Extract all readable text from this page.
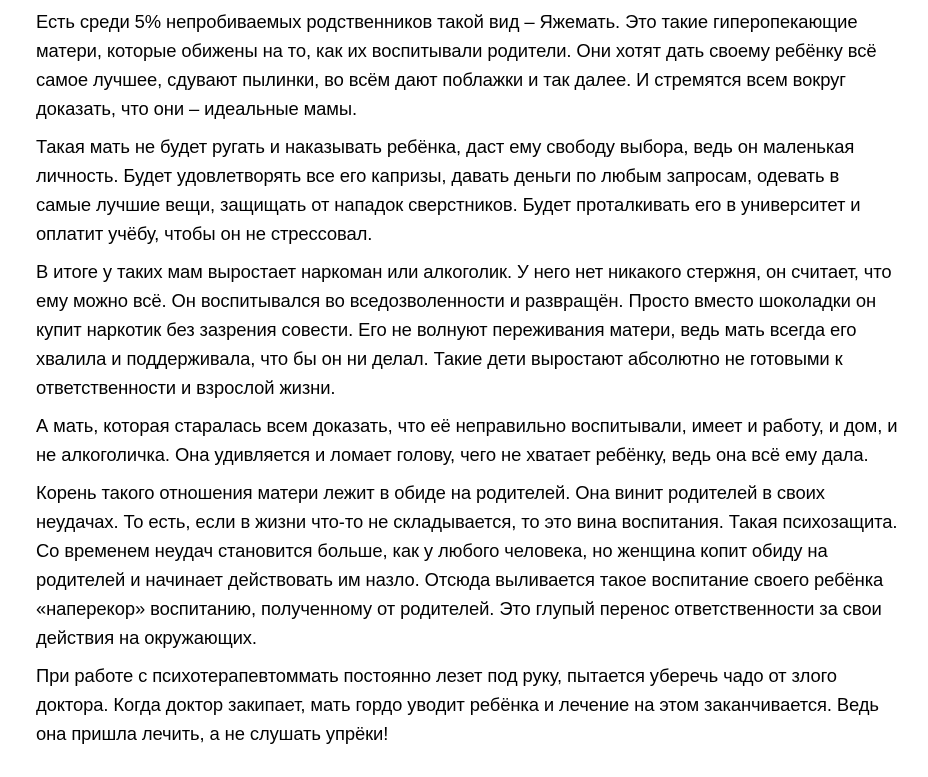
Есть среди 5% непробиваемых родственников такой вид – Яжемать. Это такие гиперопекающие матери, которые обижены на то, как их воспитывали родители. Они хотят дать своему ребёнку всё самое лучшее, сдувают пылинки, во всём дают поблажки и так далее. И стремятся всем вокруг доказать, что они – идеальные мамы.

Такая мать не будет ругать и наказывать ребёнка, даст ему свободу выбора, ведь он маленькая личность. Будет удовлетворять все его капризы, давать деньги по любым запросам, одевать в самые лучшие вещи, защищать от нападок сверстников. Будет проталкивать его в университет и оплатит учёбу, чтобы он не стрессовал.

В итоге у таких мам выростает наркоман или алкоголик. У него нет никакого стержня, он считает, что ему можно всё. Он воспитывался во вседозволенности и развращён. Просто вместо шоколадки он купит наркотик без зазрения совести. Его не волнуют переживания матери, ведь мать всегда его хвалила и поддерживала, что бы он ни делал. Такие дети выростают абсолютно не готовыми к ответственности и взрослой жизни.

А мать, которая старалась всем доказать, что её неправильно воспитывали, имеет и работу, и дом, и не алкоголичка. Она удивляется и ломает голову, чего не хватает ребёнку, ведь она всё ему дала.

Корень такого отношения матери лежит в обиде на родителей. Она винит родителей в своих неудачах. То есть, если в жизни что-то не складывается, то это вина воспитания. Такая психозащита. Со временем неудач становится больше, как у любого человека, но женщина копит обиду на родителей и начинает действовать им назло. Отсюда выливается такое воспитание своего ребёнка «наперекор» воспитанию, полученному от родителей. Это глупый перенос ответственности за свои действия на окружающих.

При работе с психотерапевтоммать постоянно лезет под руку, пытается уберечь чадо от злого доктора. Когда доктор закипает, мать гордо уводит ребёнка и лечение на этом заканчивается. Ведь она пришла лечить, а не слушать упрёки!
